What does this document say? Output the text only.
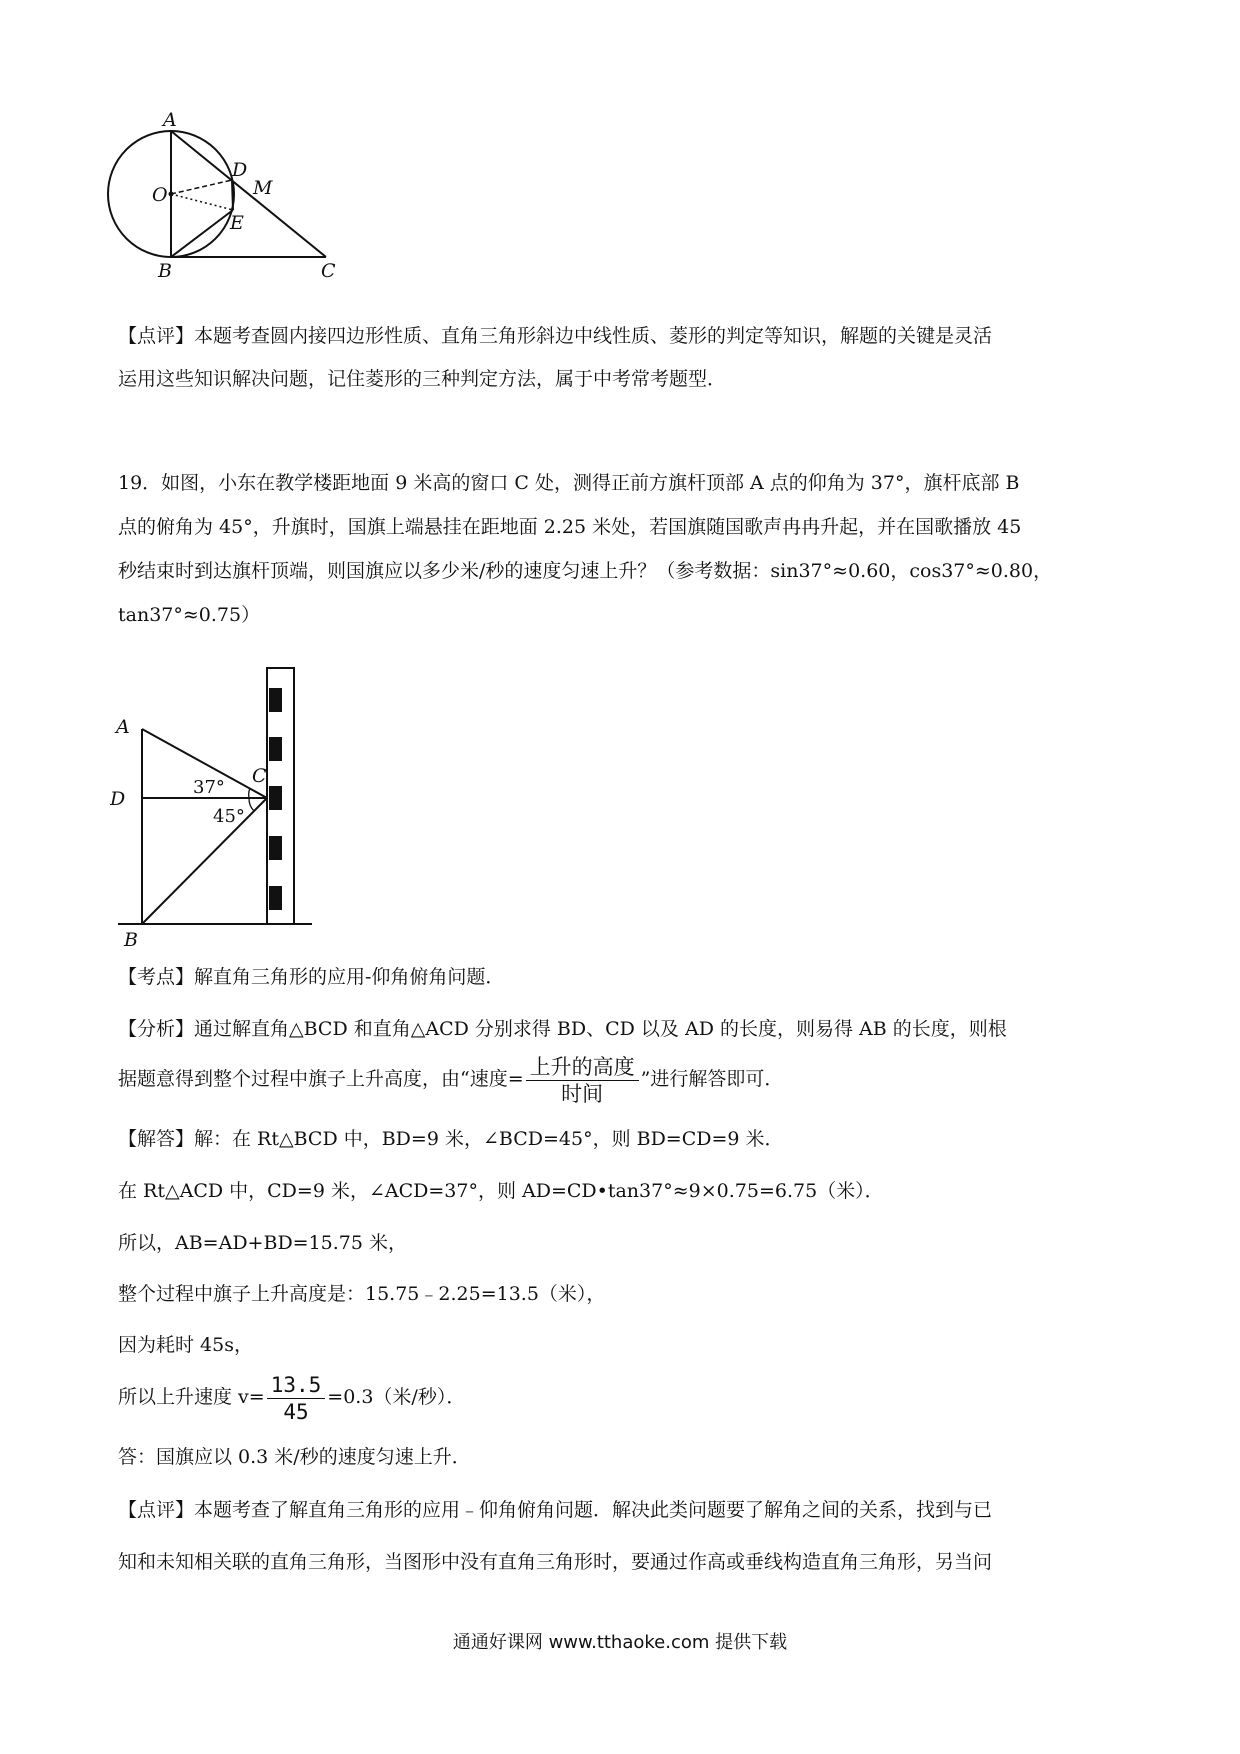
A
O
D
M
E
B	C
【点评】本题考查圆内接四边形性质、直角三角形斜边中线性质、菱形的判定等知识，解题的关键是灵活
运用这些知识解决问题，记住菱形的三种判定方法，属于中考常考题型．
19．如图，小东在教学楼距地面 9 米高的窗口 C 处，测得正前方旗杆顶部 A 点的仰角为 37°，旗杆底部 B
点的俯角为 45°，升旗时，国旗上端悬挂在距地面 2.25 米处，若国旗随国歌声冉冉升起，并在国歌播放 45
秒结束时到达旗杆顶端，则国旗应以多少米/秒的速度匀速上升？（参考数据：sin37°≈0.60，cos37°≈0.80，
tan37°≈0.75）
A
C
D
B
37°
45°
【考点】解直角三角形的应用-仰角俯角问题．
【分析】通过解直角△BCD 和直角△ACD 分别求得 BD、CD 以及 AD 的长度，则易得 AB 的长度，则根
据题意得到整个过程中旗子上升高度，由“速度= $\frac{\text{上升的高度}}{\text{时间}}$ ”进行解答即可．
【解答】解：在 Rt△BCD 中，BD=9 米，∠BCD=45°，则 BD=CD=9 米．
在 Rt△ACD 中，CD=9 米，∠ACD=37°，则 AD=CD•tan37°≈9×0.75=6.75（米）．
所以，AB=AD+BD=15.75 米，
整个过程中旗子上升高度是：15.75﹣2.25=13.5（米），
因为耗时 45s，
所以上升速度 $v= \frac{13.5}{45} =0.3$（米/秒）．
答：国旗应以 0.3 米/秒的速度匀速上升．
【点评】本题考查了解直角三角形的应用﹣仰角俯角问题．解决此类问题要了解角之间的关系，找到与已
知和未知相关联的直角三角形，当图形中没有直角三角形时，要通过作高或垂线构造直角三角形，另当问
通通好课网 www.tthaoke.com 提供下载
